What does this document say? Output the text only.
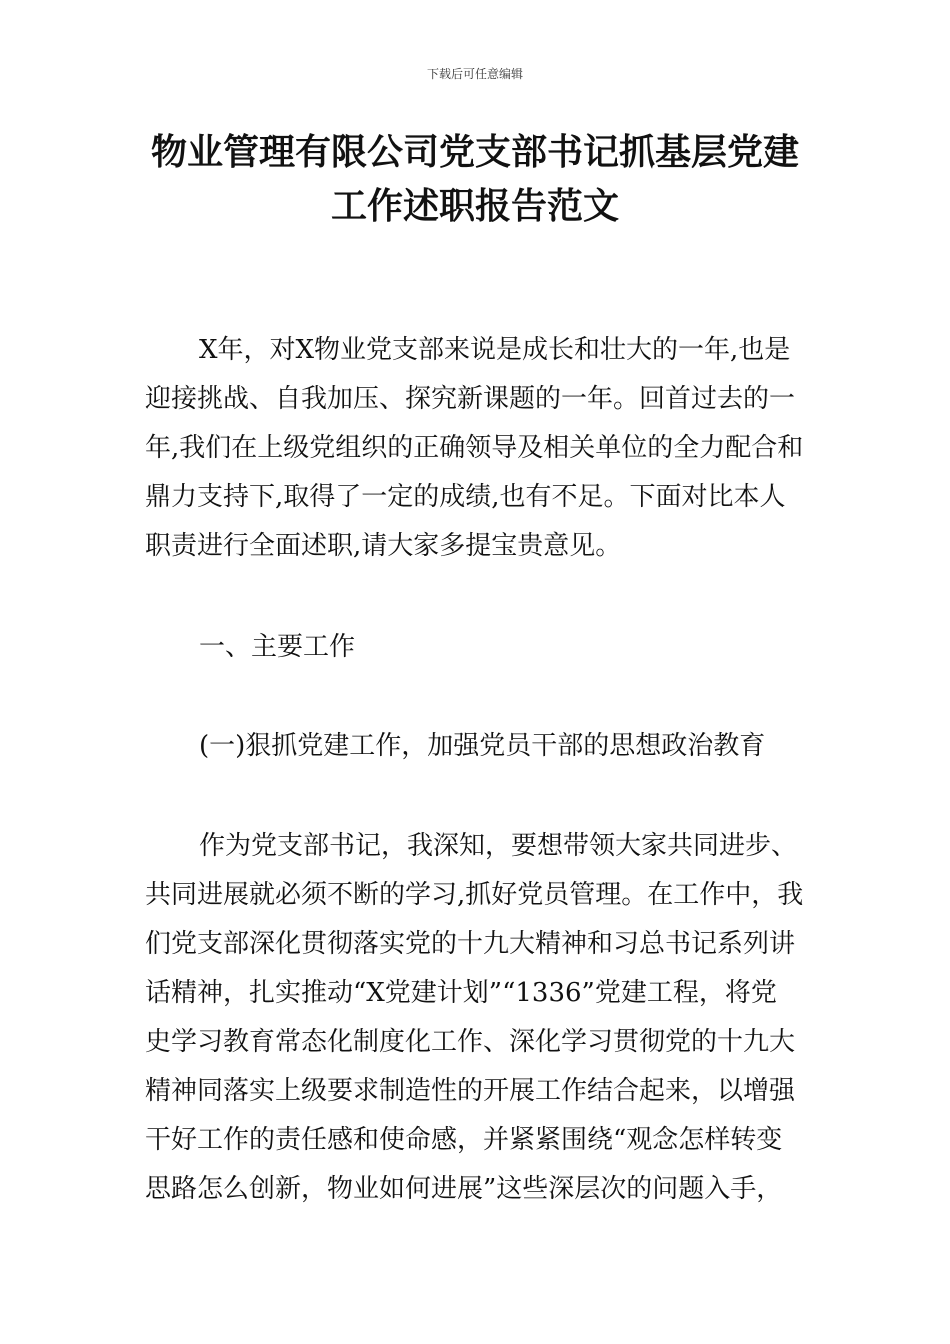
下载后可任意编辑
物业管理有限公司党支部书记抓基层党建
工作述职报告范文

X年，对X物业党支部来说是成长和壮大的一年,也是
迎接挑战、自我加压、探究新课题的一年。回首过去的一
年,我们在上级党组织的正确领导及相关单位的全力配合和
鼎力支持下,取得了一定的成绩,也有不足。下面对比本人
职责进行全面述职,请大家多提宝贵意见。

一、主要工作
(一)狠抓党建工作，加强党员干部的思想政治教育

作为党支部书记，我深知，要想带领大家共同进步、
共同进展就必须不断的学习,抓好党员管理。在工作中，我
们党支部深化贯彻落实党的十九大精神和习总书记系列讲
话精神，扎实推动“X党建计划”“1336”党建工程，将党
史学习教育常态化制度化工作、深化学习贯彻党的十九大
精神同落实上级要求制造性的开展工作结合起来，以增强
干好工作的责任感和使命感，并紧紧围绕“观念怎样转变
思路怎么创新，物业如何进展”这些深层次的问题入手，
